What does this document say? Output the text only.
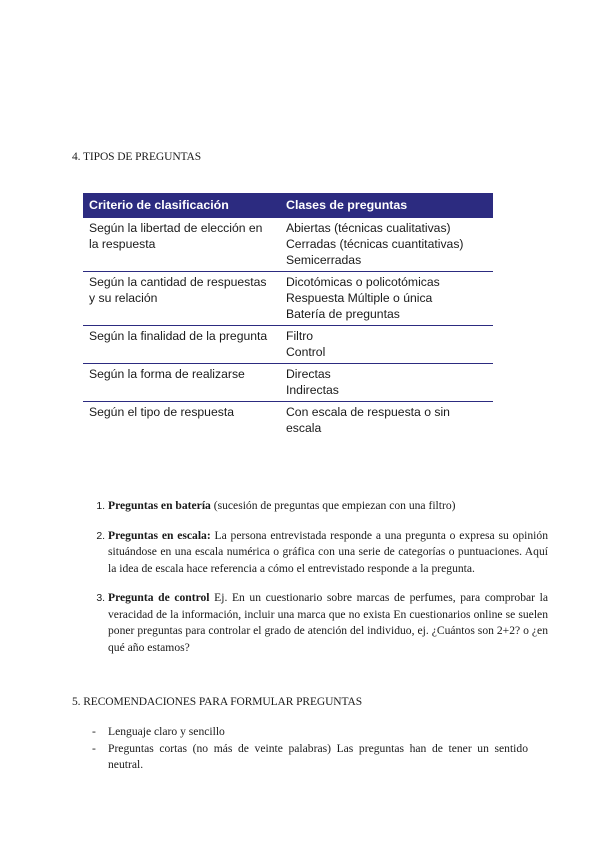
4. TIPOS DE PREGUNTAS
Criterio de clasificación	Clases de preguntas
Según la libertad de elección en la respuesta	Abiertas (técnicas cualitativas)
Cerradas (técnicas cuantitativas)
Semicerradas

Según la cantidad de respuestas y su relación	Dicotómicas o policotómicas
Respuesta Múltiple o única
Batería de preguntas

Según la finalidad de la pregunta	Filtro
Control

Según la forma de realizarse	Directas
Indirectas

Según el tipo de respuesta	Con escala de respuesta o sin escala
1. Preguntas en batería (sucesión de preguntas que empiezan con una filtro)
2. Preguntas en escala: La persona entrevistada responde a una pregunta o expresa su opinión situándose en una escala numérica o gráfica con una serie de categorías o puntuaciones. Aquí la idea de escala hace referencia a cómo el entrevistado responde a la pregunta.
3. Pregunta de control Ej. En un cuestionario sobre marcas de perfumes, para comprobar la veracidad de la información, incluir una marca que no exista En cuestionarios online se suelen poner preguntas para controlar el grado de atención del individuo, ej. ¿Cuántos son 2+2? o ¿en qué año estamos?
5. RECOMENDACIONES PARA FORMULAR PREGUNTAS
- Lenguaje claro y sencillo
- Preguntas cortas (no más de veinte palabras) Las preguntas han de tener un sentido neutral.
